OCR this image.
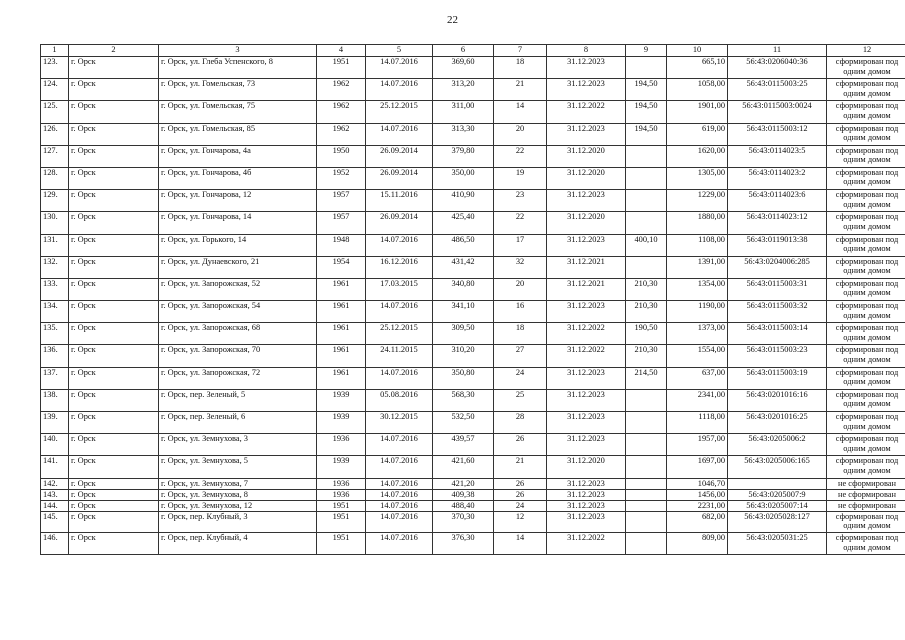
22
1	2	3	4	5	6	7	8	9	10	11	12
123.	г. Орск	г. Орск, ул. Глеба Успенского, 8	1951	14.07.2016	369,60	18	31.12.2023		665,10	56:43:0206040:36	сформирован под одним домом
124.	г. Орск	г. Орск, ул. Гомельская, 73	1962	14.07.2016	313,20	21	31.12.2023	194,50	1058,00	56:43:0115003:25	сформирован под одним домом
125.	г. Орск	г. Орск, ул. Гомельская, 75	1962	25.12.2015	311,00	14	31.12.2022	194,50	1901,00	56:43:0115003:0024	сформирован под одним домом
126.	г. Орск	г. Орск, ул. Гомельская, 85	1962	14.07.2016	313,30	20	31.12.2023	194,50	619,00	56:43:0115003:12	сформирован под одним домом
127.	г. Орск	г. Орск, ул. Гончарова, 4а	1950	26.09.2014	379,80	22	31.12.2020		1620,00	56:43:0114023:5	сформирован под одним домом
128.	г. Орск	г. Орск, ул. Гончарова, 4б	1952	26.09.2014	350,00	19	31.12.2020		1305,00	56:43:0114023:2	сформирован под одним домом
129.	г. Орск	г. Орск, ул. Гончарова, 12	1957	15.11.2016	410,90	23	31.12.2023		1229,00	56:43:0114023:6	сформирован под одним домом
130.	г. Орск	г. Орск, ул. Гончарова, 14	1957	26.09.2014	425,40	22	31.12.2020		1880,00	56:43:0114023:12	сформирован под одним домом
131.	г. Орск	г. Орск, ул. Горького, 14	1948	14.07.2016	486,50	17	31.12.2023	400,10	1108,00	56:43:0119013:38	сформирован под одним домом
132.	г. Орск	г. Орск, ул. Дунаевского, 21	1954	16.12.2016	431,42	32	31.12.2021		1391,00	56:43:0204006:285	сформирован под одним домом
133.	г. Орск	г. Орск, ул. Запорожская, 52	1961	17.03.2015	340,80	20	31.12.2021	210,30	1354,00	56:43:0115003:31	сформирован под одним домом
134.	г. Орск	г. Орск, ул. Запорожская, 54	1961	14.07.2016	341,10	16	31.12.2023	210,30	1190,00	56:43:0115003:32	сформирован под одним домом
135.	г. Орск	г. Орск, ул. Запорожская, 68	1961	25.12.2015	309,50	18	31.12.2022	190,50	1373,00	56:43:0115003:14	сформирован под одним домом
136.	г. Орск	г. Орск, ул. Запорожская, 70	1961	24.11.2015	310,20	27	31.12.2022	210,30	1554,00	56:43:0115003:23	сформирован под одним домом
137.	г. Орск	г. Орск, ул. Запорожская, 72	1961	14.07.2016	350,80	24	31.12.2023	214,50	637,00	56:43:0115003:19	сформирован под одним домом
138.	г. Орск	г. Орск, пер. Зеленый, 5	1939	05.08.2016	568,30	25	31.12.2023		2341,00	56:43:0201016:16	сформирован под одним домом
139.	г. Орск	г. Орск, пер. Зеленый, 6	1939	30.12.2015	532,50	28	31.12.2023		1118,00	56:43:0201016:25	сформирован под одним домом
140.	г. Орск	г. Орск, ул. Земнухова, 3	1936	14.07.2016	439,57	26	31.12.2023		1957,00	56:43:0205006:2	сформирован под одним домом
141.	г. Орск	г. Орск, ул. Земнухова, 5	1939	14.07.2016	421,60	21	31.12.2020		1697,00	56:43:0205006:165	сформирован под одним домом
142.	г. Орск	г. Орск, ул. Земнухова, 7	1936	14.07.2016	421,20	26	31.12.2023		1046,70		не сформирован
143.	г. Орск	г. Орск, ул. Земнухова, 8	1936	14.07.2016	409,38	26	31.12.2023		1456,00	56:43:0205007:9	не сформирован
144.	г. Орск	г. Орск, ул. Земнухова, 12	1951	14.07.2016	488,40	24	31.12.2023		2231,00	56:43:0205007:14	не сформирован
145.	г. Орск	г. Орск, пер. Клубный, 3	1951	14.07.2016	370,30	12	31.12.2023		682,00	56:43:0205028:127	сформирован под одним домом
146.	г. Орск	г. Орск, пер. Клубный, 4	1951	14.07.2016	376,30	14	31.12.2022		809,00	56:43:0205031:25	сформирован под одним домом
